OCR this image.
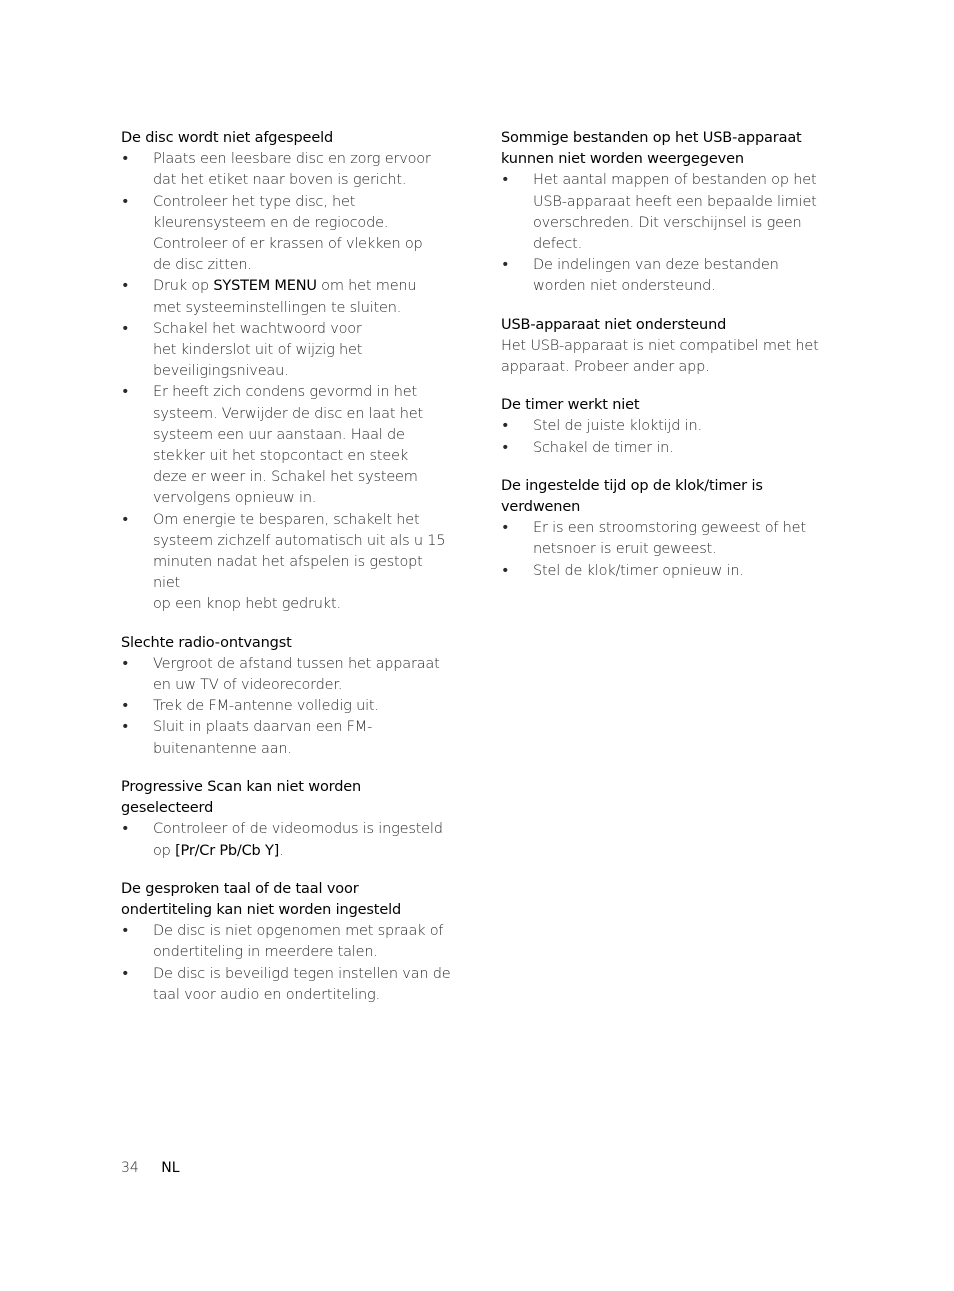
De disc wordt niet afgespeeld
• Plaats een leesbare disc en zorg ervoor
dat het etiket naar boven is gericht.
• Controleer het type disc, het
kleurensysteem en de regiocode.
Controleer of er krassen of vlekken op
de disc zitten.
• Druk op SYSTEM MENU om het menu
met systeeminstellingen te sluiten.
• Schakel het wachtwoord voor
het kinderslot uit of wijzig het
beveiligingsniveau.
• Er heeft zich condens gevormd in het
systeem. Verwijder de disc en laat het
systeem een uur aanstaan. Haal de
stekker uit het stopcontact en steek
deze er weer in. Schakel het systeem
vervolgens opnieuw in.
• Om energie te besparen, schakelt het
systeem zichzelf automatisch uit als u 15
minuten nadat het afspelen is gestopt niet
op een knop hebt gedrukt.
Slechte radio-ontvangst
• Vergroot de afstand tussen het apparaat
en uw TV of videorecorder.
• Trek de FM-antenne volledig uit.
• Sluit in plaats daarvan een FM-
buitenantenne aan.
Progressive Scan kan niet worden
geselecteerd
• Controleer of de videomodus is ingesteld
op [Pr/Cr Pb/Cb Y].
De gesproken taal of de taal voor
ondertiteling kan niet worden ingesteld
• De disc is niet opgenomen met spraak of
ondertiteling in meerdere talen.
• De disc is beveiligd tegen instellen van de
taal voor audio en ondertiteling.
Sommige bestanden op het USB-apparaat
kunnen niet worden weergegeven
• Het aantal mappen of bestanden op het
USB-apparaat heeft een bepaalde limiet
overschreden. Dit verschijnsel is geen
defect.
• De indelingen van deze bestanden
worden niet ondersteund.
USB-apparaat niet ondersteund
Het USB-apparaat is niet compatibel met het
apparaat. Probeer ander app.
De timer werkt niet
• Stel de juiste kloktijd in.
• Schakel de timer in.
De ingestelde tijd op de klok/timer is
verdwenen
• Er is een stroomstoring geweest of het
netsnoer is eruit geweest.
• Stel de klok/timer opnieuw in.
34 NL
